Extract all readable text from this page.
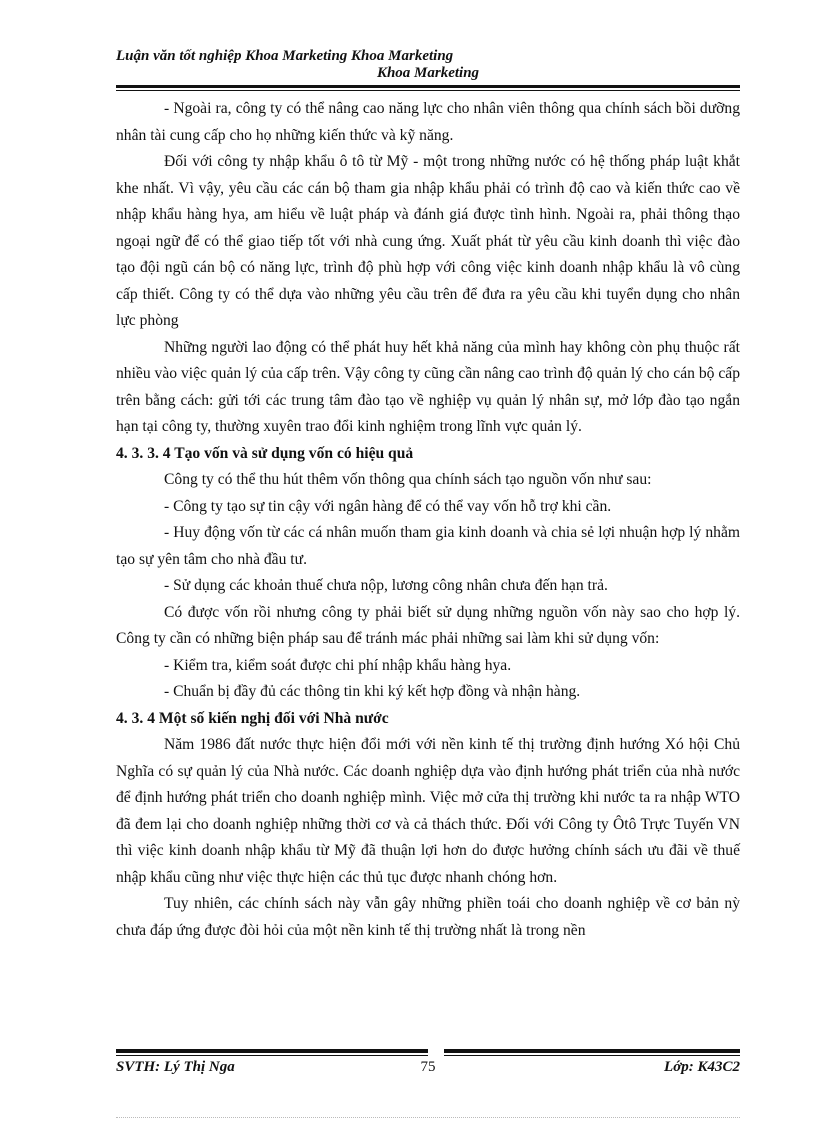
Luận văn tốt nghiệp Khoa Marketing Khoa Marketing
Khoa Marketing

- Ngoài ra, công ty có thể nâng cao năng lực cho nhân viên thông qua chính sách bồi dưỡng nhân tài cung cấp cho họ những kiến thức và kỹ năng.

Đối với công ty nhập khẩu ô tô từ Mỹ - một trong những nước có hệ thống pháp luật khắt khe nhất. Vì vậy, yêu cầu các cán bộ tham gia nhập khẩu phải có trình độ cao và kiến thức cao về nhập khẩu hàng hya, am hiểu về luật pháp và đánh giá được tình hình. Ngoài ra, phải thông thạo ngoại ngữ để có thể giao tiếp tốt với nhà cung ứng. Xuất phát từ yêu cầu kinh doanh thì việc đào tạo đội ngũ cán bộ có năng lực, trình độ phù hợp với công việc kinh doanh nhập khẩu là vô cùng cấp thiết. Công ty có thể dựa vào những yêu cầu trên để đưa ra yêu cầu khi tuyển dụng cho nhân lực phòng

Những người lao động có thể phát huy hết khả năng của mình hay không còn phụ thuộc rất nhiều vào việc quản lý của cấp trên. Vậy công ty cũng cần nâng cao trình độ quản lý cho cán bộ cấp trên bằng cách: gửi tới các trung tâm đào tạo về nghiệp vụ quản lý nhân sự, mở lớp đào tạo ngắn hạn tại công ty, thường xuyên trao đổi kinh nghiệm trong lĩnh vực quản lý.

4. 3. 3. 4 Tạo vốn và sử dụng vốn có hiệu quả

Công ty có thể thu hút thêm vốn thông qua chính sách tạo nguồn vốn như sau:

- Công ty tạo sự tin cậy với ngân hàng để có thể vay vốn hỗ trợ khi cần.

- Huy động vốn từ các cá nhân muốn tham gia kinh doanh và chia sẻ lợi nhuận hợp lý nhằm tạo sự yên tâm cho nhà đầu tư.

- Sử dụng các khoản thuế chưa nộp, lương công nhân chưa đến hạn trả.

Có được vốn rồi nhưng công ty phải biết sử dụng những nguồn vốn này sao cho hợp lý. Công ty cần có những biện pháp sau để tránh mác phải những sai làm khi sử dụng vốn:

- Kiểm tra, kiểm soát được chi phí nhập khẩu hàng hya.

- Chuẩn bị đầy đủ các thông tin khi ký kết hợp đồng và nhận hàng.

4. 3. 4 Một số kiến nghị đối với Nhà nước

Năm 1986 đất nước thực hiện đổi mới với nền kinh tế thị trường định hướng Xó hội Chủ Nghĩa có sự quản lý của Nhà nước. Các doanh nghiệp dựa vào định hướng phát triển của nhà nước để định hướng phát triển cho doanh nghiệp mình. Việc mở cửa thị trường khi nước ta ra nhập WTO đã đem lại cho doanh nghiệp những thời cơ và cả thách thức. Đối với Công ty Ôtô Trực Tuyến VN thì việc kinh doanh nhập khẩu từ Mỹ đã thuận lợi hơn do được hưởng chính sách ưu đãi về thuế nhập khẩu cũng như việc thực hiện các thủ tục được nhanh chóng hơn.

Tuy nhiên, các chính sách này vẫn gây những phiền toái cho doanh nghiệp về cơ bản nỳ chưa đáp ứng được đòi hỏi của một nền kinh tế thị trường nhất là trong nền

SVTH: Lý Thị Nga	75	Lớp: K43C2
